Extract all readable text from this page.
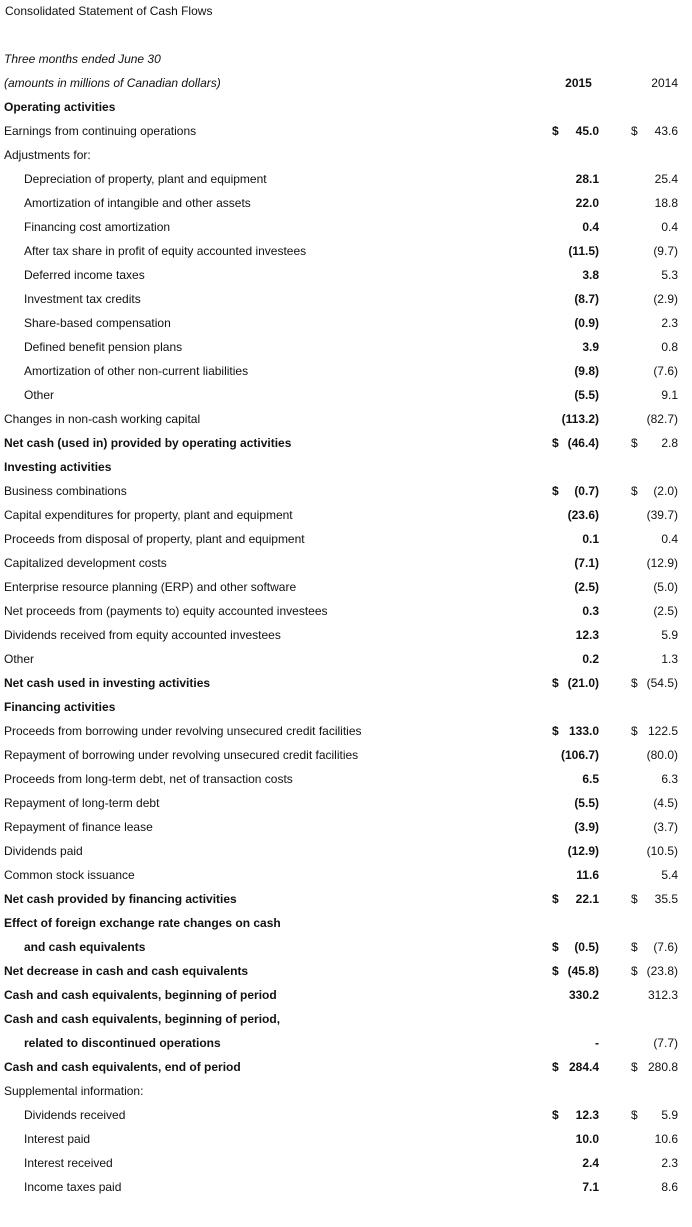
Consolidated Statement of Cash Flows
Three months ended June 30
(amounts in millions of Canadian dollars)	2015	2014
Operating activities
Earnings from continuing operations	$ 45.0	$ 43.6
Adjustments for:
Depreciation of property, plant and equipment	28.1	25.4
Amortization of intangible and other assets	22.0	18.8
Financing cost amortization	0.4	0.4
After tax share in profit of equity accounted investees	(11.5)	(9.7)
Deferred income taxes	3.8	5.3
Investment tax credits	(8.7)	(2.9)
Share-based compensation	(0.9)	2.3
Defined benefit pension plans	3.9	0.8
Amortization of other non-current liabilities	(9.8)	(7.6)
Other	(5.5)	9.1
Changes in non-cash working capital	(113.2)	(82.7)
Net cash (used in) provided by operating activities	$ (46.4)	$ 2.8
Investing activities
Business combinations	$ (0.7)	$ (2.0)
Capital expenditures for property, plant and equipment	(23.6)	(39.7)
Proceeds from disposal of property, plant and equipment	0.1	0.4
Capitalized development costs	(7.1)	(12.9)
Enterprise resource planning (ERP) and other software	(2.5)	(5.0)
Net proceeds from (payments to) equity accounted investees	0.3	(2.5)
Dividends received from equity accounted investees	12.3	5.9
Other	0.2	1.3
Net cash used in investing activities	$ (21.0)	$ (54.5)
Financing activities
Proceeds from borrowing under revolving unsecured credit facilities	$ 133.0	$ 122.5
Repayment of borrowing under revolving unsecured credit facilities	(106.7)	(80.0)
Proceeds from long-term debt, net of transaction costs	6.5	6.3
Repayment of long-term debt	(5.5)	(4.5)
Repayment of finance lease	(3.9)	(3.7)
Dividends paid	(12.9)	(10.5)
Common stock issuance	11.6	5.4
Net cash provided by financing activities	$ 22.1	$ 35.5
Effect of foreign exchange rate changes on cash
and cash equivalents	$ (0.5)	$ (7.6)
Net decrease in cash and cash equivalents	$ (45.8)	$ (23.8)
Cash and cash equivalents, beginning of period	330.2	312.3
Cash and cash equivalents, beginning of period,
related to discontinued operations	-	(7.7)
Cash and cash equivalents, end of period	$ 284.4	$ 280.8
Supplemental information:
Dividends received	$ 12.3	$ 5.9
Interest paid	10.0	10.6
Interest received	2.4	2.3
Income taxes paid	7.1	8.6
